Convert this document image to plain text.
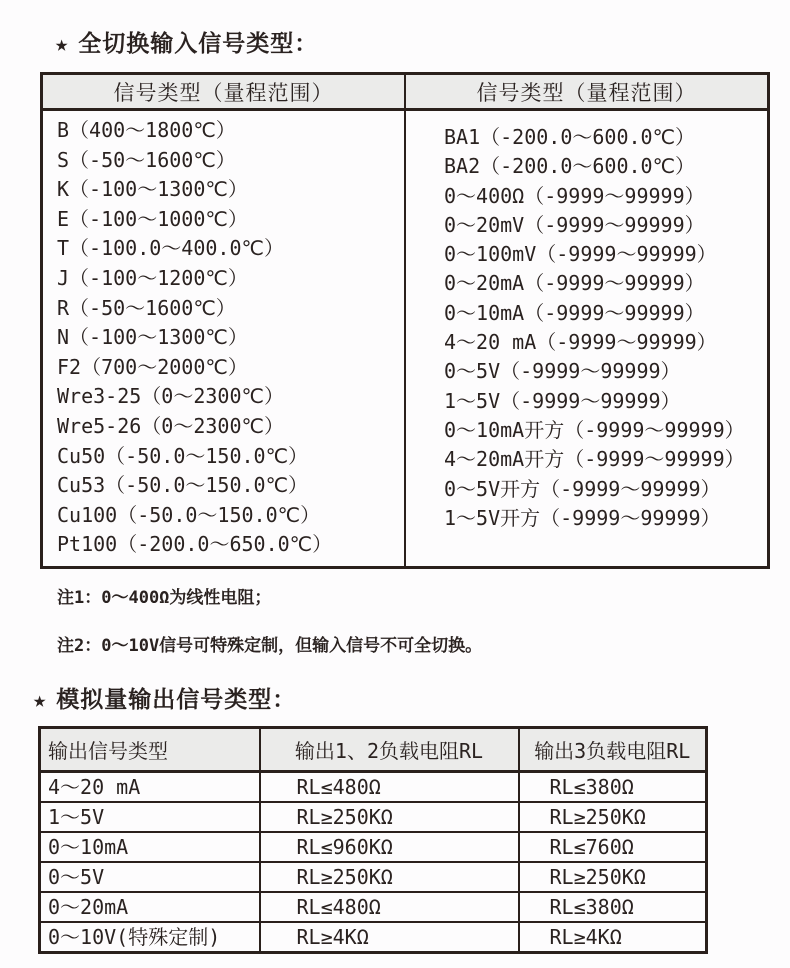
★ 全切换输入信号类型：
信号类型（量程范围）	信号类型（量程范围）

B（400～1800℃）
S（-50～1600℃）
K（-100～1300℃）
E（-100～1000℃）
T（-100.0～400.0℃）
J（-100～1200℃）
R（-50～1600℃）
N（-100～1300℃）
F2（700～2000℃）
Wre3-25（0～2300℃）
Wre5-26（0～2300℃）
Cu50（-50.0～150.0℃）
Cu53（-50.0～150.0℃）
Cu100（-50.0～150.0℃）
Pt100（-200.0～650.0℃）

BA1（-200.0～600.0℃）
BA2（-200.0～600.0℃）
0～400Ω（-9999～99999）
0～20mV（-9999～99999）
0～100mV（-9999～99999）
0～20mA（-9999～99999）
0～10mA（-9999～99999）
4～20 mA（-9999～99999）
0～5V（-9999～99999）
1～5V（-9999～99999）
0～10mA开方（-9999～99999）
4～20mA开方（-9999～99999）
0～5V开方（-9999～99999）
1～5V开方（-9999～99999）
注1：0～400Ω为线性电阻；
注2：0～10V信号可特殊定制，但输入信号不可全切换。
★ 模拟量输出信号类型：
输出信号类型	输出1、2负载电阻RL	输出3负载电阻RL
4～20 mA	RL≤480Ω	RL≤380Ω
1～5V	RL≥250KΩ	RL≥250KΩ
0～10mA	RL≤960KΩ	RL≤760Ω
0～5V	RL≥250KΩ	RL≥250KΩ
0～20mA	RL≤480Ω	RL≤380Ω
0～10V(特殊定制)	RL≥4KΩ	RL≥4KΩ
